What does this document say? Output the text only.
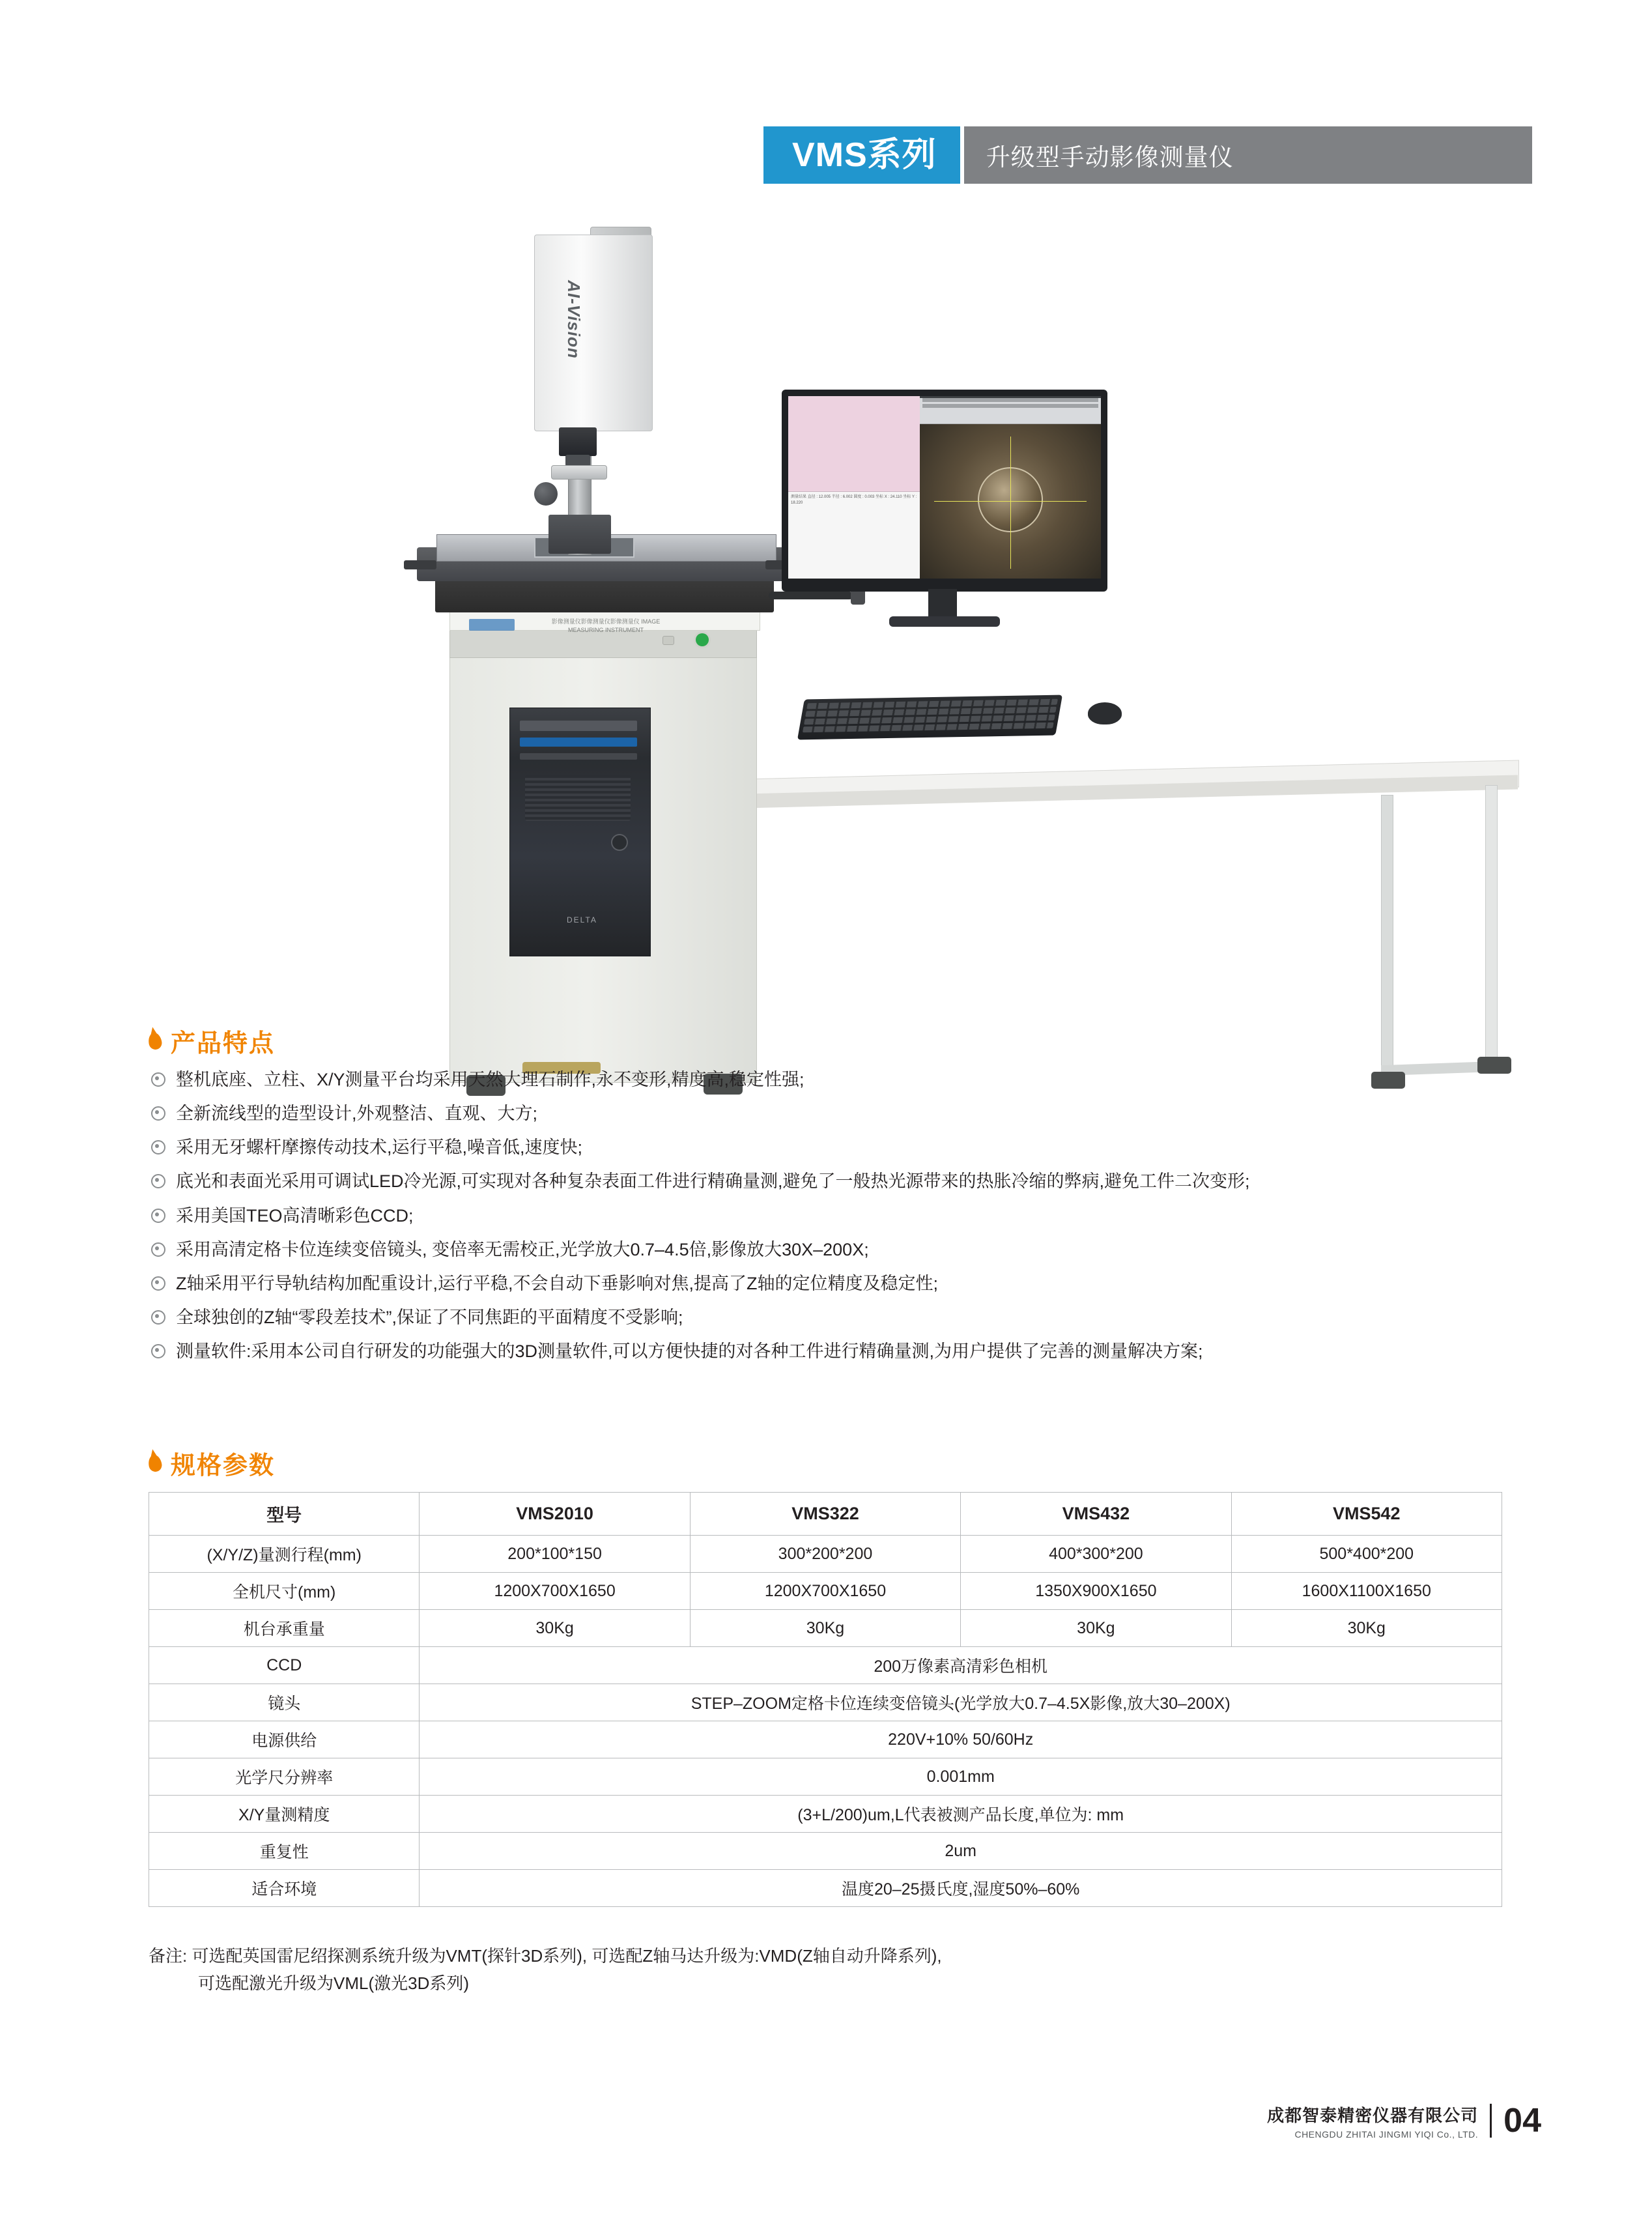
VMS系列 升级型手动影像测量仪
影像测量仪影像测量仪影像测量仪 IMAGE MEASURING INSTRUMENT
DELTA
AI-Vision
测量结果 直径 : 12.005 半径 : 6.002 圆度 : 0.003 坐标 X : 24.110 坐标 Y : 18.220
产品特点
整机底座、立柱、X/Y测量平台均采用天然大理石制作,永不变形,精度高,稳定性强;
全新流线型的造型设计,外观整洁、直观、大方;
采用无牙螺杆摩擦传动技术,运行平稳,噪音低,速度快;
底光和表面光采用可调试LED冷光源,可实现对各种复杂表面工件进行精确量测,避免了一般热光源带来的热胀冷缩的弊病,避免工件二次变形;
采用美国TEO高清晰彩色CCD;
采用高清定格卡位连续变倍镜头, 变倍率无需校正,光学放大0.7–4.5倍,影像放大30X–200X;
Z轴采用平行导轨结构加配重设计,运行平稳,不会自动下垂影响对焦,提高了Z轴的定位精度及稳定性;
全球独创的Z轴“零段差技术”,保证了不同焦距的平面精度不受影响;
测量软件:采用本公司自行研发的功能强大的3D测量软件,可以方便快捷的对各种工件进行精确量测,为用户提供了完善的测量解决方案;
规格参数
型号	VMS2010	VMS322	VMS432	VMS542
(X/Y/Z)量测行程(mm)	200*100*150	300*200*200	400*300*200	500*400*200
全机尺寸(mm)	1200X700X1650	1200X700X1650	1350X900X1650	1600X1100X1650
机台承重量	30Kg	30Kg	30Kg	30Kg
CCD	200万像素高清彩色相机			
镜头	STEP–ZOOM定格卡位连续变倍镜头(光学放大0.7–4.5X影像,放大30–200X)			
电源供给	220V+10% 50/60Hz			
光学尺分辨率	0.001mm			
X/Y量测精度	(3+L/200)um,L代表被测产品长度,单位为: mm			
重复性	2um			
适合环境	温度20–25摄氏度,湿度50%–60%			
备注: 可选配英国雷尼绍探测系统升级为VMT(探针3D系列), 可选配Z轴马达升级为:VMD(Z轴自动升降系列),
可选配激光升级为VML(激光3D系列)
成都智泰精密仪器有限公司
CHENGDU ZHITAI JINGMI YIQI Co., LTD. 04
